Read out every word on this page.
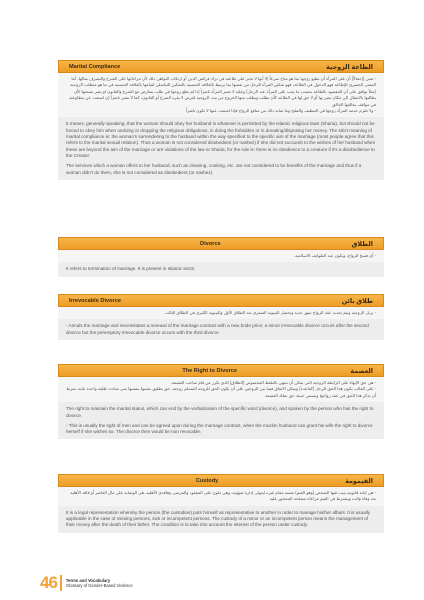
Marital Compliance	الطاعة الزوجية

- تعني (إجمالاً) أن على المرأة أن تطيع زوجها بما هو مباح شرعاً إلا أنها لا تجبر على طاعته في ترك فرائض الدين أو ارتكاب النواهي ذلك لأن مراعاتها على الشرع والتصرف بمالها، أما المعنى الحصري للإطاعة فهو الدخول في الطاعة، فهو تمكين المرأة للرجل من نفسها بما يرتبط بالعلاقة الجنسية بالتمكين التناسلي لقيامها بالعلاقة الجنسية في ما هو متطلب الزوجية (مثلاً توافق على أن المقصود بالطاعة بحسب ما يجب على المرأة عند الرجل) وعليه لا تعتبر المرأة ناشزاً إذا لم تطع زوجها في طلب يتعارض مع الشرع والقانون او يضر بصحتها كأن يطالبها بالانتقال الى مكان يضر بها أو لا حق لها في الطاعة كأن تطلب ويطلب منها الخروج من بيت الزوجية لغرض لا يقره الشرع أو القانون، كما لا تعتبر ناشزاً إن امتنعت عن مطاوعته في مواقف يخالفها الخالق

- ولا تلتزم خدمة المرأة زوجها في التنظيف والطبخ وما شابه ذلك من منافع الزواج فإذا امتنعت عنها لا تكون ناشزاً

It means, generally speaking, that the woman should obey her husband in whatever is permitted by the Islamic religious laws (Sharia), but should not be forced to obey him when undoing or dropping the religious obligations, in doing the forbidden or in donating/disposing her money. The strict meaning of marital compliance is: the woman's surrendering to the husband within the way specified to the specific aim of the marriage (most people agree that this refers to the marital sexual relation). Thus a woman is not considered disobedient (or nashez) if she did not succumb to the wishes of her husband when these are beyond the aim of the marriage or are violations of the law or Sharia; for the rule is: there is no obedience to a creature if it's a disobedience to the Creator.

The services which a woman offers to her husband, such as cleaning, cooking, etc. are not considered to be benefits of the marriage and thus if a woman didn't do them, she is not considered as disobedient (or nashez).

Divorce	الطلاق

- أن فسخ الزواج، ويكون عند الطوائف الاسلامية.

It refers to termination of marriage. It is present in Islamic sects.

Irrevocable Divorce	طلاق بائن

- يزيل الزوجية ويتم تجديد عقد الزواج بمهر جديد وتحصل البينونة الصغرى بعد الطلاق الأول والبينونة الكبرى في الطلاق الثالث

- Annuls the marriage and necessitates a renewal of the marriage contract with a new bride price; a minor irrevocable divorce occurs after the second divorce but the peremptory irrevocable divorce occurs with the third divorce

The Right to Divorce	العصمة

- هي حق الإنهاء على الرابطة الزوجية التي يمكن أن تنتهي بالتلفظ المخصوص (الطلاق) الذي يكرر من قام صاحب العصمة.

- على الغالب يكون هذا الحق للرجل (كقاعدة) ويمكن الاتفاق فيما بين الزوجين على أن يكون الحق للزوجة المسلم زوجته، حق تطليق نفسها بنفسها متى شاءت طلقة واحدة بائنة، شرط أن يذكر هذا الحق في عقد زواجها وبسمي حينئذ حق تملك العصمة

The right to maintain the marital status, which can end by the verbalization of the specific word (divorce), and spoken by the person who has the right to divorce.

- This is usually the right of men and can be agreed upon during the marriage contract, when the muslim husband can grant his wife the right to divorce herself if she wishes so. The divorce then would be non revocable.

Custody	القيمومة

- هي إنابة قانونية ينيب فيها الشخص (وهو القيم) نفسه مقام غيره ليتولى إدارة شؤونه، وهي تكون على المفقود والمرضى وفاقدي الأهلية، هي الوصاية على مال القاصر أو فاقد الأهلية بعد وفاة والده ويشترط في القيم مراعاة مصلحة المحجور عليه

It is a legal representation whereby the person (the custodian) puts himself as representative to another in order to manage his/her affairs. It is usually applicable in the case of missing persons, sick or incompetent persons. The custody of a minor or an incompetent person means the management of their money after the death of their father. The condition is to take into account the interest of the person under custody.

46 Terms and Vocabulary
Glossary of Gender-Based Violence
